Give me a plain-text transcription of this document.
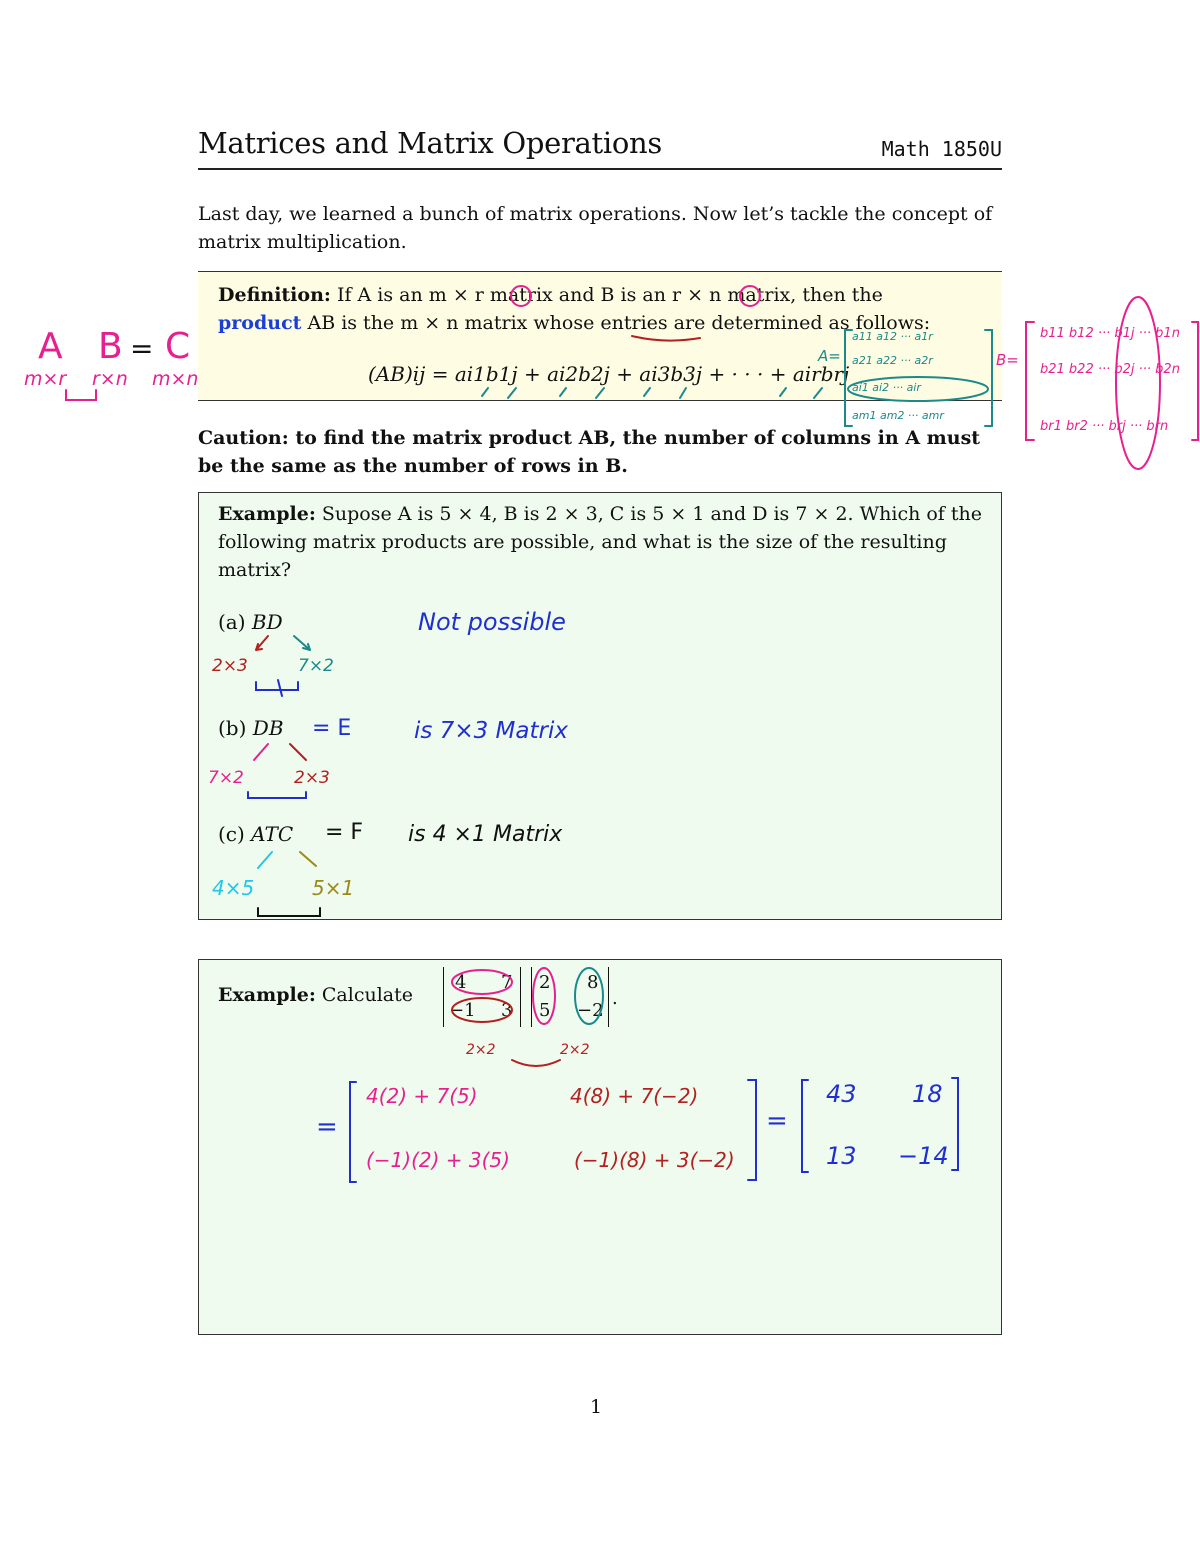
Matrices and Matrix Operations	Math 1850U
Last day, we learned a bunch of matrix operations. Now let’s tackle the concept of matrix multiplication.
Definition: If A is an m × r matrix and B is an r × n matrix, then the
product AB is the m × n matrix whose entries are determined as follows:
(AB)ij = ai1b1j + ai2b2j + ai3b3j + · · · + airbrj
Caution: to find the matrix product AB, the number of columns in A must be the same as the number of rows in B.
Example: Supose A is 5 × 4, B is 2 × 3, C is 5 × 1 and D is 7 × 2. Which of the following matrix products are possible, and what is the size of the resulting matrix?
(a) BD
(b) DB
(c) ATC
Example: Calculate
4 7
−1 3
2 8
5 −2
.
1
A B = C
m×r r×n m×n
A=
a11 a12 ··· a1r
a21 a22 ··· a2r
ai1 ai2 ··· air
am1 am2 ··· amr
B=
b11 b12 ··· b1j ··· b1n
b21 b22 ··· b2j ··· b2n
br1 br2 ··· brj ··· brn
Not possible
2×3	7×2
= E	is 7×3 Matrix
7×2	2×3
= F is 4 ×1 Matrix
4×5	5×1
2×2	2×2
=
4(2) + 7(5)	4(8) + 7(−2)
(−1)(2) + 3(5)	(−1)(8) + 3(−2)
=
43 18
13 −14
